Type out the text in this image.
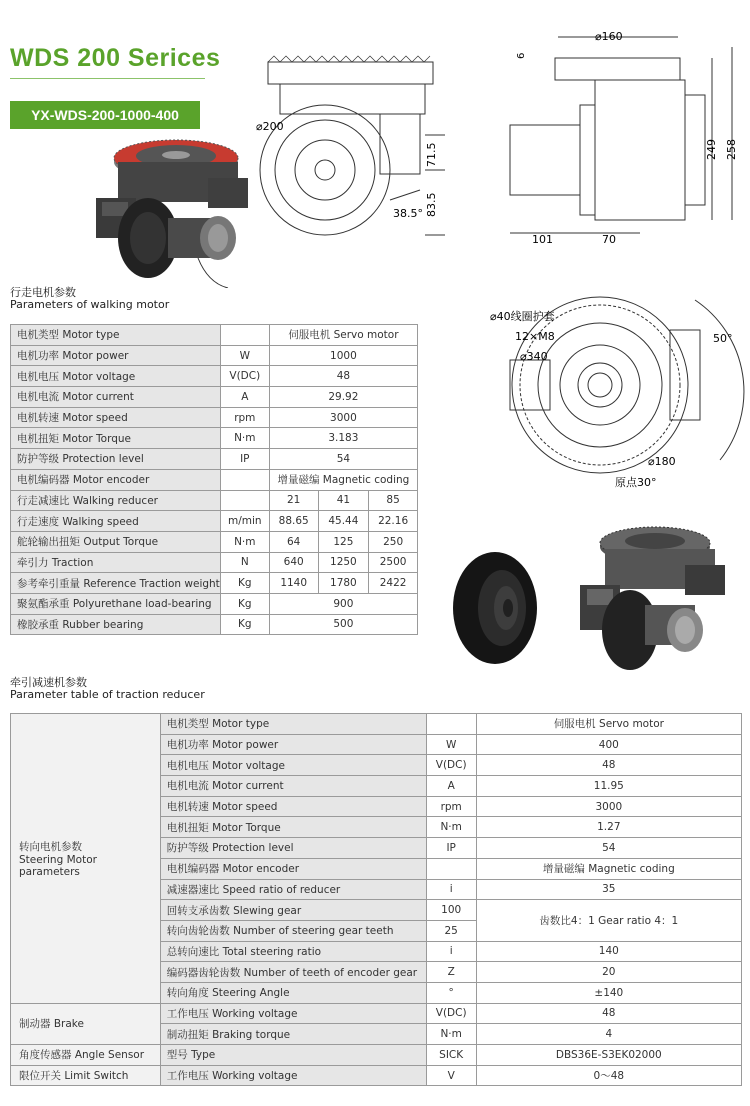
WDS 200 Serices
YX-WDS-200-1000-400
⌀200
71.5
83.5
38.5°
⌀160
6
249 258
101	70
⌀40线圈护套
12×M8
⌀340
50°
⌀180
原点30°
行走电机参数
Parameters of walking motor
电机类型 Motor type		伺服电机 Servo motor		
电机功率 Motor power	W	1000		
电机电压 Motor voltage	V(DC)	48		
电机电流 Motor current	A	29.92		
电机转速 Motor speed	rpm	3000		
电机扭矩 Motor Torque	N·m	3.183		
防护等级 Protection level	IP	54		
电机编码器 Motor encoder		增量磁编 Magnetic coding		
行走减速比 Walking reducer		21	41	85
行走速度 Walking speed	m/min	88.65	45.44	22.16
舵轮输出扭矩 Output Torque	N·m	64	125	250
牵引力 Traction	N	640	1250	2500
参考牵引重量 Reference Traction weight	Kg	1140	1780	2422
聚氨酯承重 Polyurethane load-bearing	Kg	900		
橡胶承重 Rubber bearing	Kg	500		
牵引减速机参数
Parameter table of traction reducer
转向电机参数
Steering Motor parameters	电机类型 Motor type		伺服电机 Servo motor
	电机功率 Motor power	W	400
	电机电压 Motor voltage	V(DC)	48
	电机电流 Motor current	A	11.95
	电机转速 Motor speed	rpm	3000
	电机扭矩 Motor Torque	N·m	1.27
	防护等级 Protection level	IP	54
	电机编码器 Motor encoder		增量磁编 Magnetic coding
	减速器速比 Speed ratio of reducer	i	35
	回转支承齿数 Slewing gear	100	齿数比4：1 Gear ratio 4：1
	转向齿轮齿数 Number of steering gear teeth	25	
	总转向速比 Total steering ratio	i	140
	编码器齿轮齿数 Number of teeth of encoder gear	Z	20
	转向角度 Steering Angle	°	±140

制动器 Brake	工作电压 Working voltage	V(DC)	48
	制动扭矩 Braking torque	N·m	4

角度传感器 Angle Sensor	型号 Type	SICK	DBS36E-S3EK02000

限位开关 Limit Switch	工作电压 Working voltage	V	0～48
